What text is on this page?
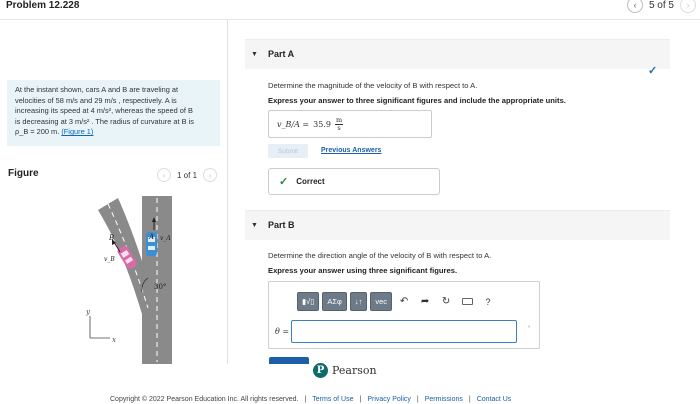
Problem 12.228	‹ 5 of 5 ›
At the instant shown, cars A and B are traveling at
velocities of 58 m/s and 29 m/s , respectively. A is
increasing its speed at 4 m/s², whereas the speed of B
is decreasing at 3 m/s² . The radius of curvature at B is
ρ_B = 200 m. (Figure 1)
Figure	‹ 1 of 1 ›
B	A v_A
v_B
30°
y
x
▼ Part A
✓
Determine the magnitude of the velocity of B with respect to A.
Express your answer to three significant figures and include the appropriate units.
v_B/A = $35.9 \frac{m}{s}$
Submit	Previous Answers
✓ Correct
▼ Part B
Determine the direction angle of the velocity of B with respect to A.
Express your answer using three significant figures.
▮√▯	ΑΣφ	↓↑	vec	↶	➦	↻	?
θ =	°
P Pearson
Copyright © 2022 Pearson Education Inc. All rights reserved. | Terms of Use | Privacy Policy | Permissions | Contact Us
